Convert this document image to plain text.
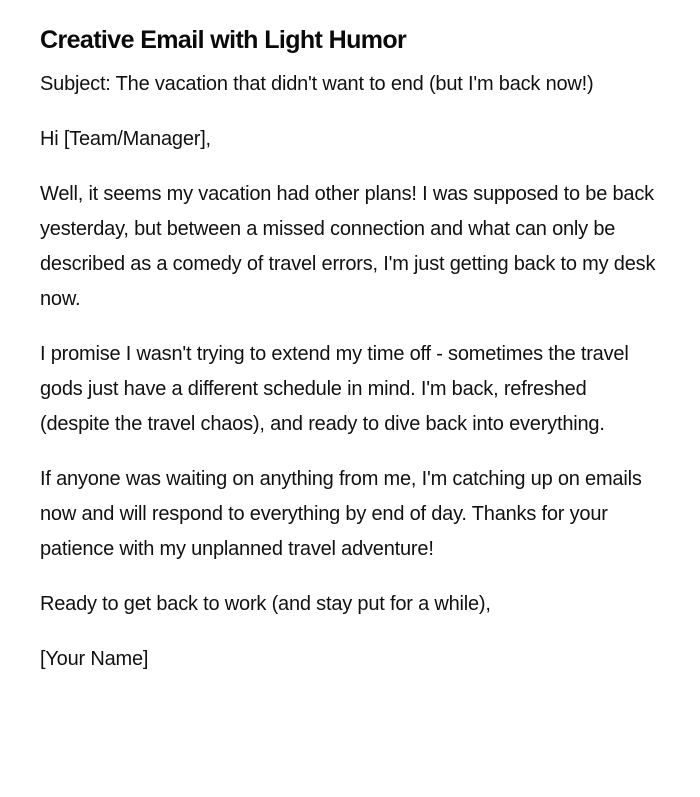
Creative Email with Light Humor

Subject: The vacation that didn't want to end (but I'm back now!)

Hi [Team/Manager],

Well, it seems my vacation had other plans! I was supposed to be back yesterday, but between a missed connection and what can only be described as a comedy of travel errors, I'm just getting back to my desk now.

I promise I wasn't trying to extend my time off - sometimes the travel gods just have a different schedule in mind. I'm back, refreshed (despite the travel chaos), and ready to dive back into everything.

If anyone was waiting on anything from me, I'm catching up on emails now and will respond to everything by end of day. Thanks for your patience with my unplanned travel adventure!

Ready to get back to work (and stay put for a while),

[Your Name]
